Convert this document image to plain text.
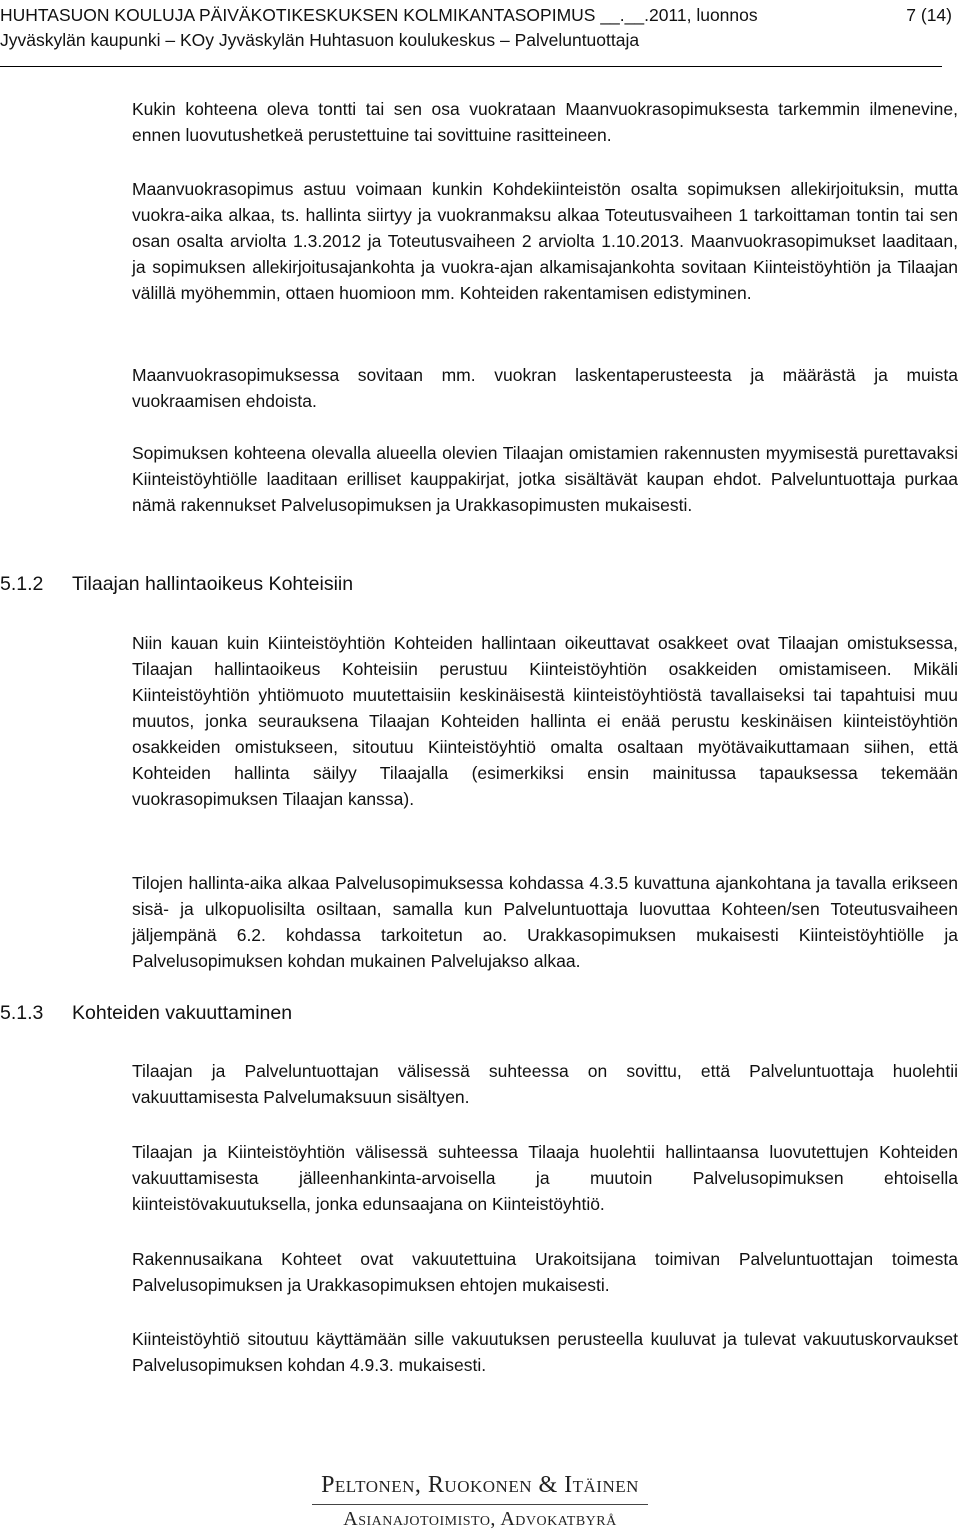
HUHTASUON KOULUJA PÄIVÄKOTIKESKUKSEN KOLMIKANTASOPIMUS __.__.2011, luonnos	7 (14)
Jyväskylän kaupunki – KOy Jyväskylän Huhtasuon koulukeskus – Palveluntuottaja
Kukin kohteena oleva tontti tai sen osa vuokrataan Maanvuokrasopimuksesta tarkemmin ilmenevine, ennen luovutushetkeä perustettuine tai sovittuine rasitteineen.
Maanvuokrasopimus astuu voimaan kunkin Kohdekiinteistön osalta sopimuksen allekirjoituksin, mutta vuokra-aika alkaa, ts. hallinta siirtyy ja vuokranmaksu alkaa Toteutusvaiheen 1 tarkoittaman tontin tai sen osan osalta arviolta 1.3.2012 ja Toteutusvaiheen 2 arviolta 1.10.2013. Maanvuokrasopimukset laaditaan, ja sopimuksen allekirjoitusajankohta ja vuokra-ajan alkamisajankohta sovitaan Kiinteistöyhtiön ja Tilaajan välillä myöhemmin, ottaen huomioon mm. Kohteiden rakentamisen edistyminen.
Maanvuokrasopimuksessa sovitaan mm. vuokran laskentaperusteesta ja määrästä ja muista vuokraamisen ehdoista.
Sopimuksen kohteena olevalla alueella olevien Tilaajan omistamien rakennusten myymisestä purettavaksi Kiinteistöyhtiölle laaditaan erilliset kauppakirjat, jotka sisältävät kaupan ehdot. Palveluntuottaja purkaa nämä rakennukset Palvelusopimuksen ja Urakkasopimusten mukaisesti.
5.1.2 Tilaajan hallintaoikeus Kohteisiin
Niin kauan kuin Kiinteistöyhtiön Kohteiden hallintaan oikeuttavat osakkeet ovat Tilaajan omistuksessa, Tilaajan hallintaoikeus Kohteisiin perustuu Kiinteistöyhtiön osakkeiden omistamiseen. Mikäli Kiinteistöyhtiön yhtiömuoto muutettaisiin keskinäisestä kiinteistöyhtiöstä tavallaiseksi tai tapahtuisi muu muutos, jonka seurauksena Tilaajan Kohteiden hallinta ei enää perustu keskinäisen kiinteistöyhtiön osakkeiden omistukseen, sitoutuu Kiinteistöyhtiö omalta osaltaan myötävaikuttamaan siihen, että Kohteiden hallinta säilyy Tilaajalla (esimerkiksi ensin mainitussa tapauksessa tekemään vuokrasopimuksen Tilaajan kanssa).
Tilojen hallinta-aika alkaa Palvelusopimuksessa kohdassa 4.3.5 kuvattuna ajankohtana ja tavalla erikseen sisä- ja ulkopuolisilta osiltaan, samalla kun Palveluntuottaja luovuttaa Kohteen/sen Toteutusvaiheen jäljempänä 6.2. kohdassa tarkoitetun ao. Urakkasopimuksen mukaisesti Kiinteistöyhtiölle ja Palvelusopimuksen kohdan mukainen Palvelujakso alkaa.
5.1.3 Kohteiden vakuuttaminen
Tilaajan ja Palveluntuottajan välisessä suhteessa on sovittu, että Palveluntuottaja huolehtii vakuuttamisesta Palvelumaksuun sisältyen.
Tilaajan ja Kiinteistöyhtiön välisessä suhteessa Tilaaja huolehtii hallintaansa luovutettujen Kohteiden vakuuttamisesta jälleenhankinta-arvoisella ja muutoin Palvelusopimuksen ehtoisella kiinteistövakuutuksella, jonka edunsaajana on Kiinteistöyhtiö.
Rakennusaikana Kohteet ovat vakuutettuina Urakoitsijana toimivan Palveluntuottajan toimesta Palvelusopimuksen ja Urakkasopimuksen ehtojen mukaisesti.
Kiinteistöyhtiö sitoutuu käyttämään sille vakuutuksen perusteella kuuluvat ja tulevat vakuutuskorvaukset Palvelusopimuksen kohdan 4.9.3. mukaisesti.
Peltonen, Ruokonen & Itäinen
Asianajotoimisto, Advokatbyrå
